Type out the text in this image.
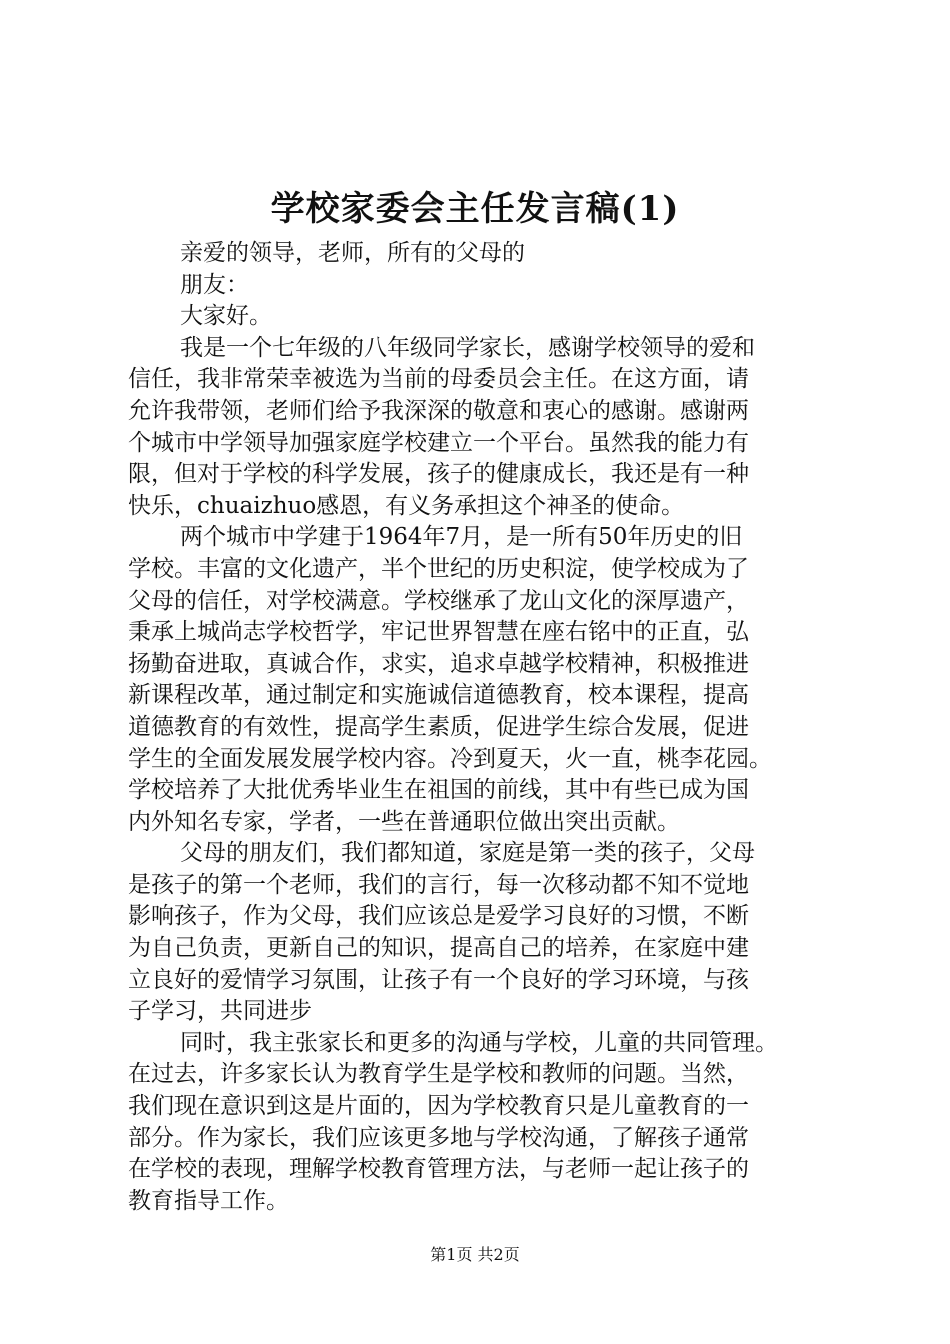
学校家委会主任发言稿(1)

亲爱的领导，老师，所有的父母的

朋友：

大家好。

我是一个七年级的八年级同学家长，感谢学校领导的爱和

信任，我非常荣幸被选为当前的母委员会主任。在这方面，请

允许我带领，老师们给予我深深的敬意和衷心的感谢。感谢两

个城市中学领导加强家庭学校建立一个平台。虽然我的能力有

限，但对于学校的科学发展，孩子的健康成长，我还是有一种

快乐，chuaizhuo感恩，有义务承担这个神圣的使命。

两个城市中学建于1964年7月，是一所有50年历史的旧

学校。丰富的文化遗产，半个世纪的历史积淀，使学校成为了

父母的信任，对学校满意。学校继承了龙山文化的深厚遗产，

秉承上城尚志学校哲学，牢记世界智慧在座右铭中的正直，弘

扬勤奋进取，真诚合作，求实，追求卓越学校精神，积极推进

新课程改革，通过制定和实施诚信道德教育，校本课程，提高

道德教育的有效性，提高学生素质，促进学生综合发展，促进

学生的全面发展发展学校内容。冷到夏天，火一直，桃李花园。

学校培养了大批优秀毕业生在祖国的前线，其中有些已成为国

内外知名专家，学者，一些在普通职位做出突出贡献。

父母的朋友们，我们都知道，家庭是第一类的孩子，父母

是孩子的第一个老师，我们的言行，每一次移动都不知不觉地

影响孩子，作为父母，我们应该总是爱学习良好的习惯，不断

为自己负责，更新自己的知识，提高自己的培养，在家庭中建

立良好的爱情学习氛围，让孩子有一个良好的学习环境，与孩

子学习，共同进步

同时，我主张家长和更多的沟通与学校，儿童的共同管理。

在过去，许多家长认为教育学生是学校和教师的问题。当然，

我们现在意识到这是片面的，因为学校教育只是儿童教育的一

部分。作为家长，我们应该更多地与学校沟通，了解孩子通常

在学校的表现，理解学校教育管理方法，与老师一起让孩子的

教育指导工作。

第1页 共2页
